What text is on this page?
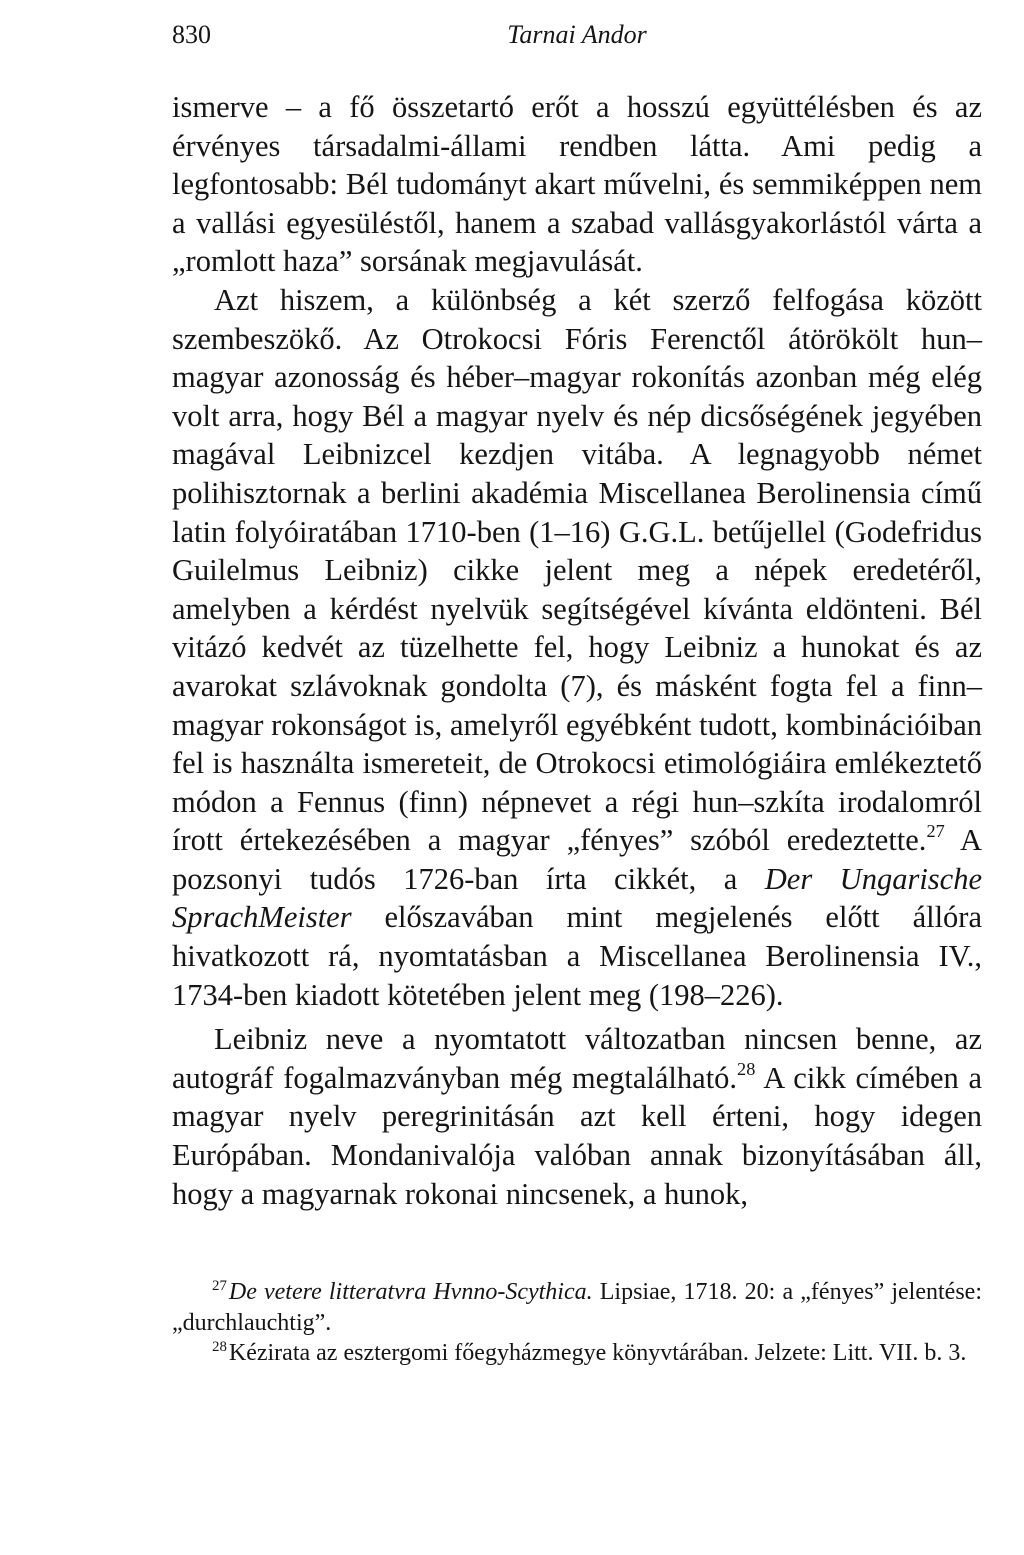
830	Tarnai Andor

ismerve – a fő összetartó erőt a hosszú együttélésben és az érvényes társadalmi-állami rendben látta. Ami pedig a legfontosabb: Bél tudományt akart művelni, és semmiképpen nem a vallási egyesüléstől, hanem a szabad vallásgyakorlástól várta a „romlott haza” sorsának megjavulását.

Azt hiszem, a különbség a két szerző felfogása között szembeszökő. Az Otrokocsi Fóris Ferenctől átörökölt hun–magyar azonosság és héber–magyar rokonítás azonban még elég volt arra, hogy Bél a magyar nyelv és nép dicsőségének jegyében magával Leibnizcel kezdjen vitába. A legnagyobb német polihisztornak a berlini akadémia Miscellanea Berolinensia című latin folyóiratában 1710-ben (1–16) G.G.L. betűjellel (Godefridus Guilelmus Leibniz) cikke jelent meg a népek eredetéről, amelyben a kérdést nyelvük segítségével kívánta eldönteni. Bél vitázó kedvét az tüzelhette fel, hogy Leibniz a hunokat és az avarokat szlávoknak gondolta (7), és másként fogta fel a finn–magyar rokonságot is, amelyről egyébként tudott, kombinációiban fel is használta ismereteit, de Otrokocsi etimológiáira emlékeztető módon a Fennus (finn) népnevet a régi hun–szkíta irodalomról írott értekezésében a magyar „fényes” szóból eredeztette.$^{27}$ A pozsonyi tudós 1726-ban írta cikkét, a Der Ungarische SprachMeister előszavában mint megjelenés előtt állóra hivatkozott rá, nyomtatásban a Miscellanea Berolinensia IV., 1734-ben kiadott kötetében jelent meg (198–226).

Leibniz neve a nyomtatott változatban nincsen benne, az autográf fogalmazványban még megtalálható.$^{28}$ A cikk címében a magyar nyelv peregrinitásán azt kell érteni, hogy idegen Európában. Mondanivalója valóban annak bizonyításában áll, hogy a magyarnak rokonai nincsenek, a hunok,

$^{27}$De vetere litteratvra Hvnno-Scythica. Lipsiae, 1718. 20: a „fényes” jelentése: „durchlauchtig”.

$^{28}$Kézirata az esztergomi főegyházmegye könyvtárában. Jelzete: Litt. VII. b. 3.
